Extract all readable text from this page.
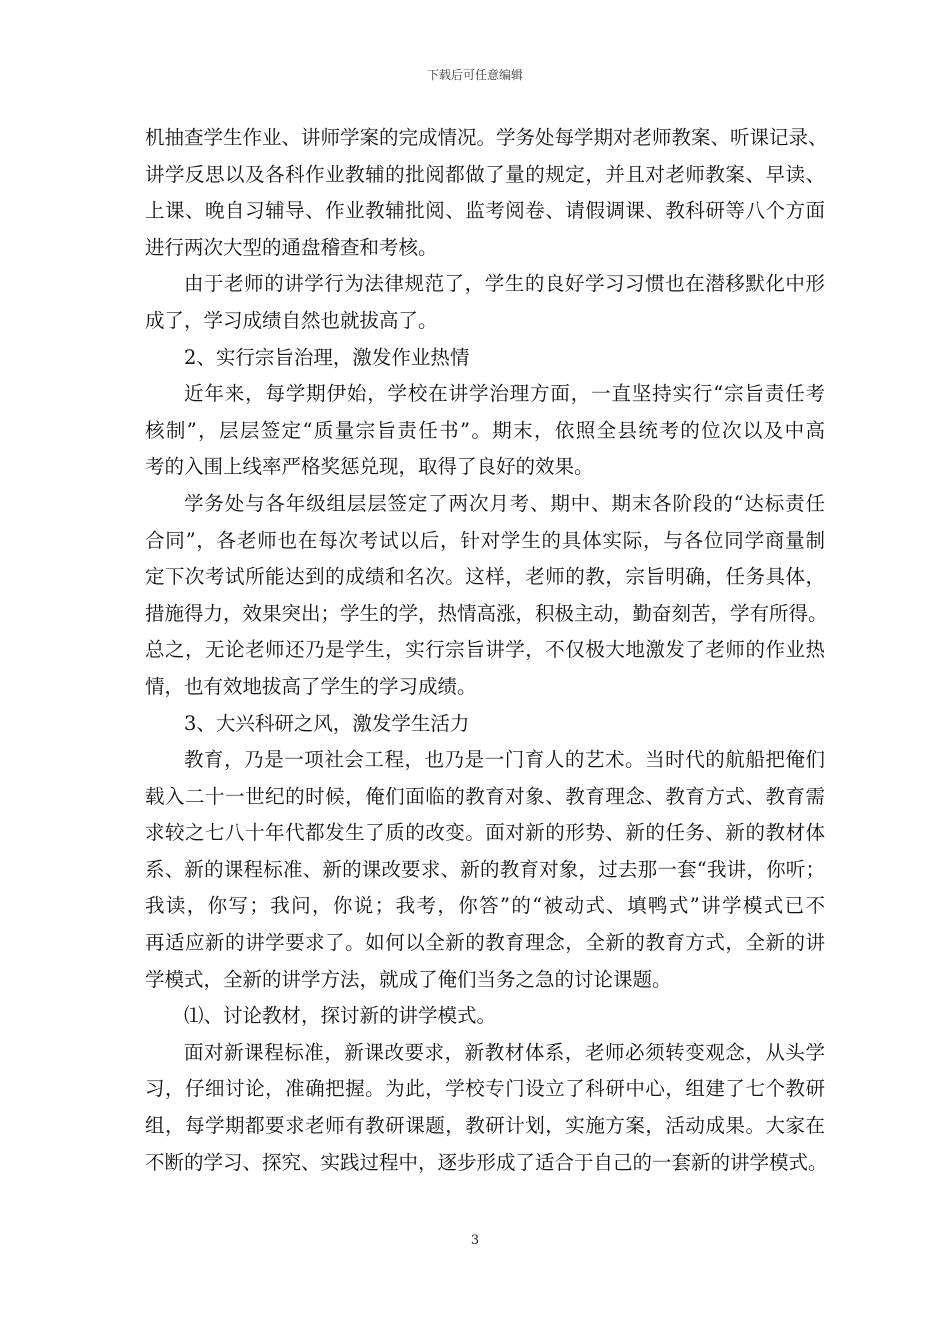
下载后可任意编辑
机抽查学生作业、讲师学案的完成情况。学务处每学期对老师教案、听课记录、
讲学反思以及各科作业教辅的批阅都做了量的规定，并且对老师教案、早读、
上课、晚自习辅导、作业教辅批阅、监考阅卷、请假调课、教科研等八个方面
进行两次大型的通盘稽查和考核。
由于老师的讲学行为法律规范了，学生的良好学习习惯也在潜移默化中形
成了，学习成绩自然也就拔高了。
2、实行宗旨治理，激发作业热情
近年来，每学期伊始，学校在讲学治理方面，一直坚持实行“宗旨责任考
核制”，层层签定“质量宗旨责任书”。期末，依照全县统考的位次以及中高
考的入围上线率严格奖惩兑现，取得了良好的效果。
学务处与各年级组层层签定了两次月考、期中、期末各阶段的“达标责任
合同”，各老师也在每次考试以后，针对学生的具体实际，与各位同学商量制
定下次考试所能达到的成绩和名次。这样，老师的教，宗旨明确，任务具体，
措施得力，效果突出；学生的学，热情高涨，积极主动，勤奋刻苦，学有所得。
总之，无论老师还乃是学生，实行宗旨讲学，不仅极大地激发了老师的作业热
情，也有效地拔高了学生的学习成绩。
3、大兴科研之风，激发学生活力
教育，乃是一项社会工程，也乃是一门育人的艺术。当时代的航船把俺们
载入二十一世纪的时候，俺们面临的教育对象、教育理念、教育方式、教育需
求较之七八十年代都发生了质的改变。面对新的形势、新的任务、新的教材体
系、新的课程标准、新的课改要求、新的教育对象，过去那一套“我讲，你听；
我读，你写；我问，你说；我考，你答”的“被动式、填鸭式”讲学模式已不
再适应新的讲学要求了。如何以全新的教育理念，全新的教育方式，全新的讲
学模式，全新的讲学方法，就成了俺们当务之急的讨论课题。
⑴、讨论教材，探讨新的讲学模式。
面对新课程标准，新课改要求，新教材体系，老师必须转变观念，从头学
习，仔细讨论，准确把握。为此，学校专门设立了科研中心，组建了七个教研
组，每学期都要求老师有教研课题，教研计划，实施方案，活动成果。大家在
不断的学习、探究、实践过程中，逐步形成了适合于自己的一套新的讲学模式。
3
